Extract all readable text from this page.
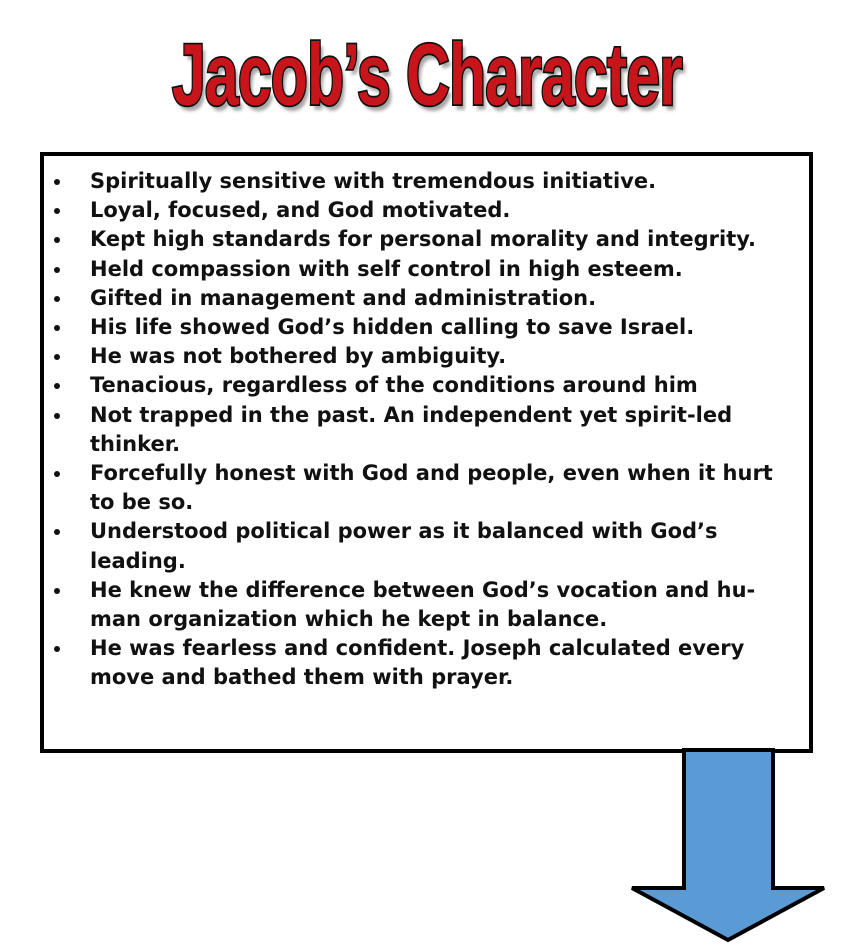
Jacob’s Character
Spiritually sensitive with tremendous initiative.
Loyal, focused, and God motivated.
Kept high standards for personal morality and integrity.
Held compassion with self control in high esteem.
Gifted in management and administration.
His life showed God’s hidden calling to save Israel.
He was not bothered by ambiguity.
Tenacious, regardless of the conditions around him
Not trapped in the past. An independent yet spirit-led thinker.
Forcefully honest with God and people, even when it hurt to be so.
Understood political power as it balanced with God’s leading.
He knew the difference between God’s vocation and hu-man organization which he kept in balance.
He was fearless and confident. Joseph calculated every move and bathed them with prayer.
